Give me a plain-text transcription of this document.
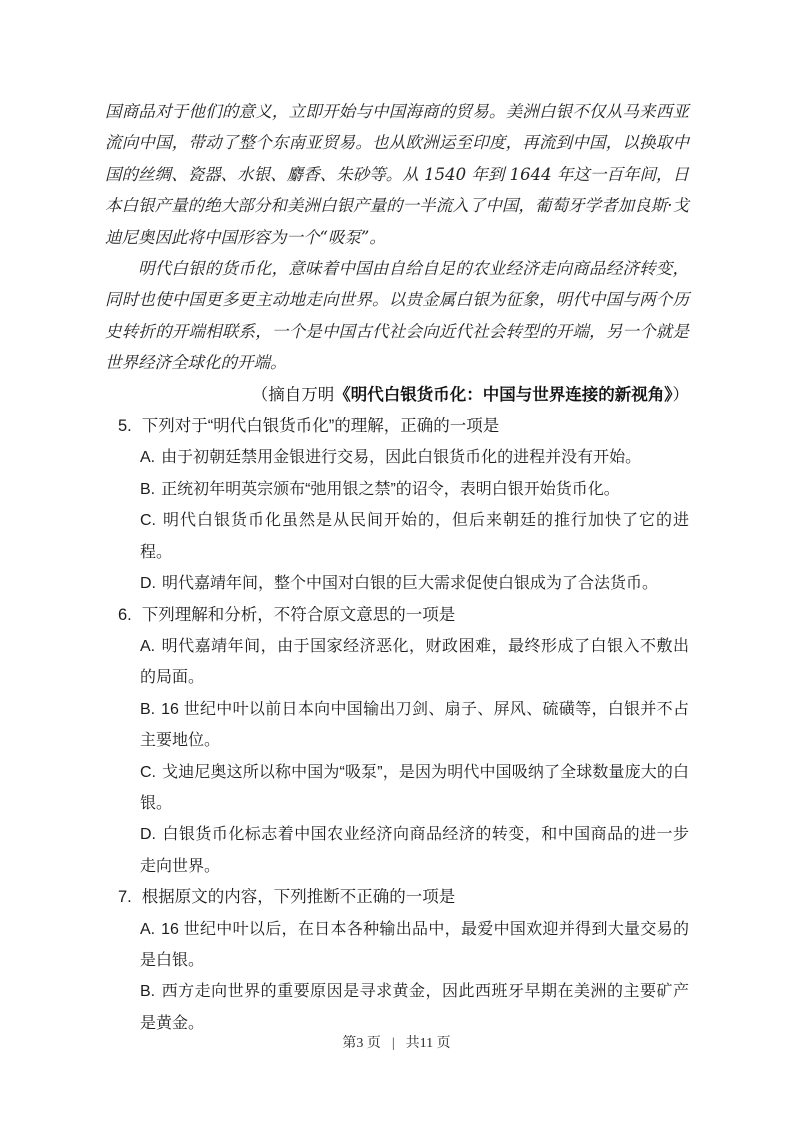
国商品对于他们的意义，立即开始与中国海商的贸易。美洲白银不仅从马来西亚流向中国，带动了整个东南亚贸易。也从欧洲运至印度，再流到中国，以换取中国的丝绸、瓷器、水银、麝香、朱砂等。从 1540 年到 1644 年这一百年间，日本白银产量的绝大部分和美洲白银产量的一半流入了中国，葡萄牙学者加良斯·戈迪尼奥因此将中国形容为一个“吸泵”。

明代白银的货币化，意味着中国由自给自足的农业经济走向商品经济转变，同时也使中国更多更主动地走向世界。以贵金属白银为征象，明代中国与两个历史转折的开端相联系，一个是中国古代社会向近代社会转型的开端，另一个就是世界经济全球化的开端。

（摘自万明《明代白银货币化：中国与世界连接的新视角》）

5. 下列对于“明代白银货币化”的理解，正确的一项是

A. 由于初朝廷禁用金银进行交易，因此白银货币化的进程并没有开始。

B. 正统初年明英宗颁布“弛用银之禁”的诏令，表明白银开始货币化。

C. 明代白银货币化虽然是从民间开始的，但后来朝廷的推行加快了它的进程。

D. 明代嘉靖年间，整个中国对白银的巨大需求促使白银成为了合法货币。

6. 下列理解和分析，不符合原文意思的一项是

A. 明代嘉靖年间，由于国家经济恶化，财政困难，最终形成了白银入不敷出的局面。

B. 16 世纪中叶以前日本向中国输出刀剑、扇子、屏风、硫磺等，白银并不占主要地位。

C. 戈迪尼奥这所以称中国为“吸泵”，是因为明代中国吸纳了全球数量庞大的白银。

D. 白银货币化标志着中国农业经济向商品经济的转变，和中国商品的进一步走向世界。

7. 根据原文的内容，下列推断不正确的一项是

A. 16 世纪中叶以后，在日本各种输出品中，最爱中国欢迎并得到大量交易的是白银。

B. 西方走向世界的重要原因是寻求黄金，因此西班牙早期在美洲的主要矿产是黄金。

第3 页 | 共11 页
